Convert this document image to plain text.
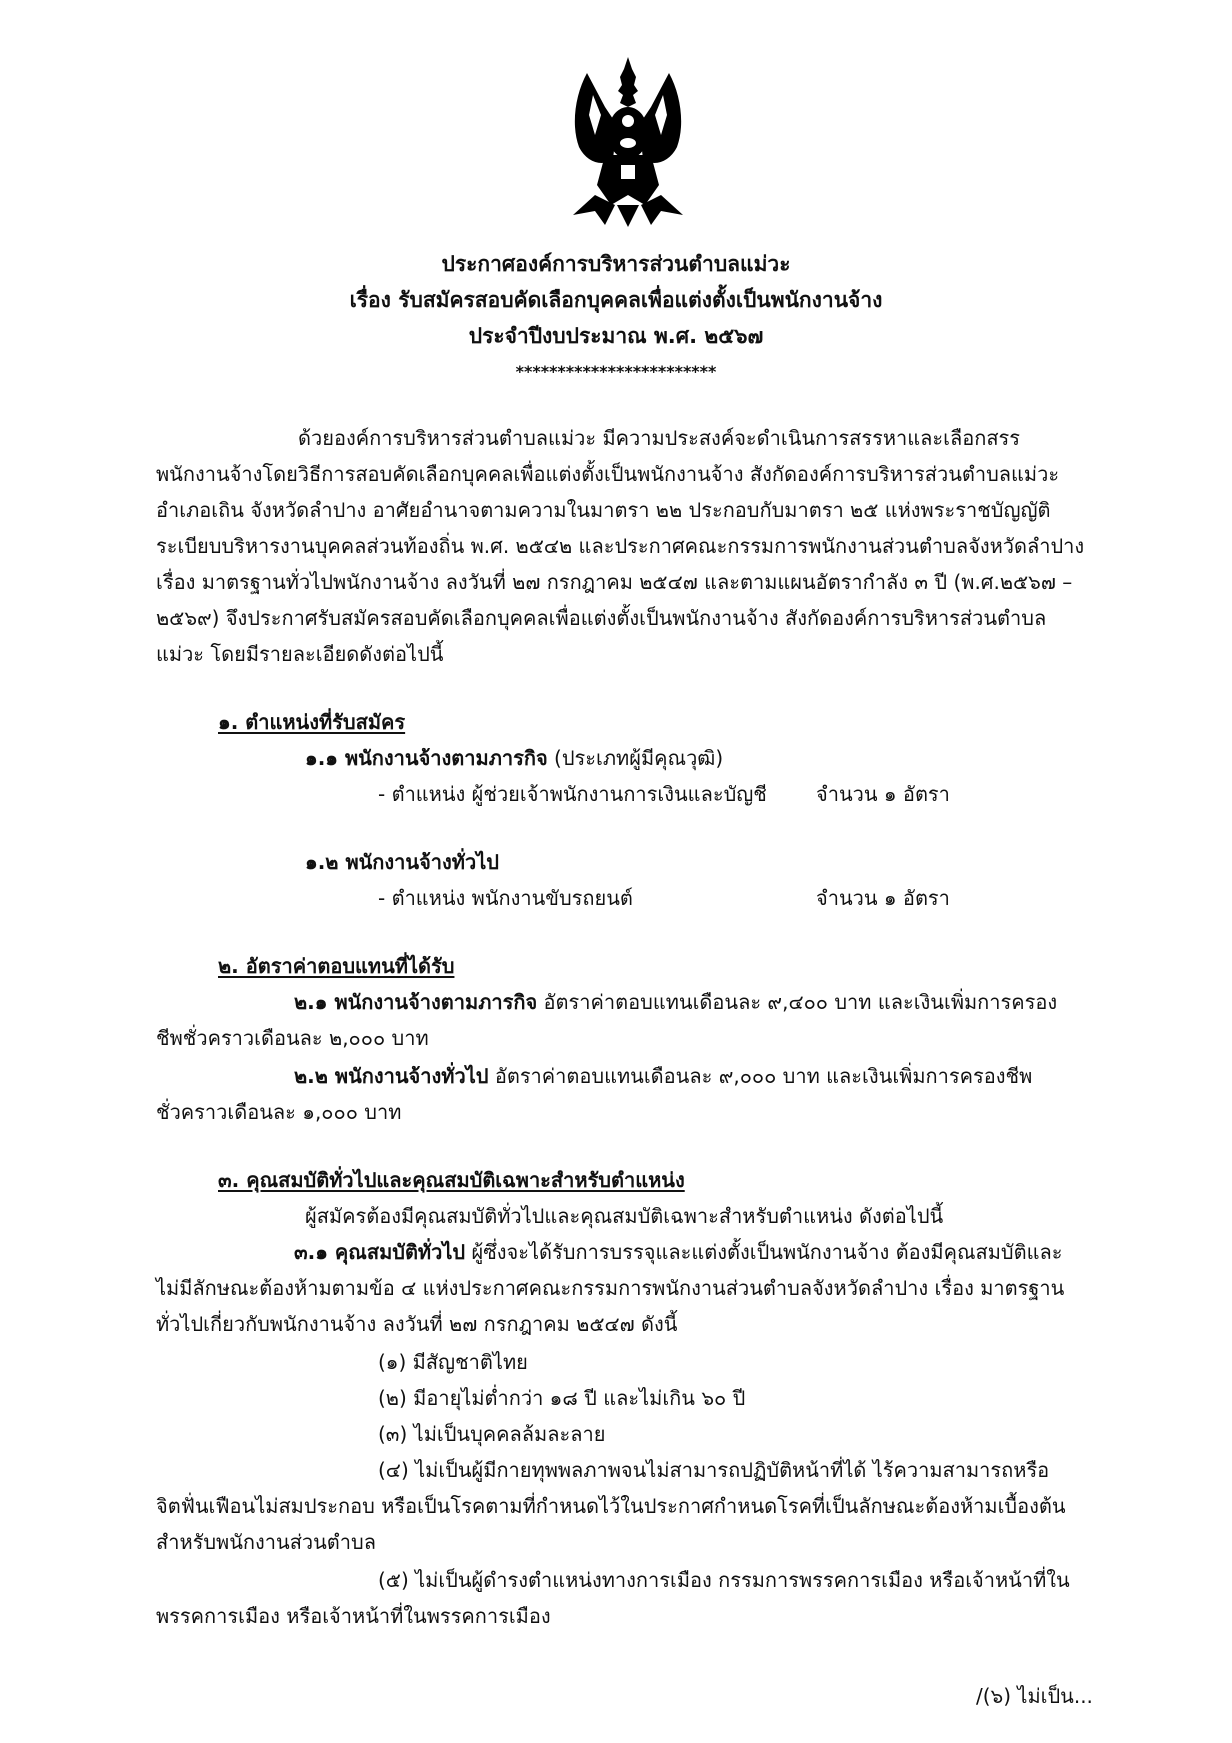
ประกาศองค์การบริหารส่วนตำบลแม่วะ
เรื่อง รับสมัครสอบคัดเลือกบุคคลเพื่อแต่งตั้งเป็นพนักงานจ้าง
ประจำปีงบประมาณ พ.ศ. ๒๕๖๗
************************
ด้วยองค์การบริหารส่วนตำบลแม่วะ มีความประสงค์จะดำเนินการสรรหาและเลือกสรร
พนักงานจ้างโดยวิธีการสอบคัดเลือกบุคคลเพื่อแต่งตั้งเป็นพนักงานจ้าง สังกัดองค์การบริหารส่วนตำบลแม่วะ
อำเภอเถิน จังหวัดลำปาง อาศัยอำนาจตามความในมาตรา ๒๒ ประกอบกับมาตรา ๒๕ แห่งพระราชบัญญัติ
ระเบียบบริหารงานบุคคลส่วนท้องถิ่น พ.ศ. ๒๕๔๒ และประกาศคณะกรรมการพนักงานส่วนตำบลจังหวัดลำปาง
เรื่อง มาตรฐานทั่วไปพนักงานจ้าง ลงวันที่ ๒๗ กรกฎาคม ๒๕๔๗ และตามแผนอัตรากำลัง ๓ ปี (พ.ศ.๒๕๖๗ –
๒๕๖๙) จึงประกาศรับสมัครสอบคัดเลือกบุคคลเพื่อแต่งตั้งเป็นพนักงานจ้าง สังกัดองค์การบริหารส่วนตำบล
แม่วะ โดยมีรายละเอียดดังต่อไปนี้
๑. ตำแหน่งที่รับสมัคร
๑.๑ พนักงานจ้างตามภารกิจ (ประเภทผู้มีคุณวุฒิ)
- ตำแหน่ง ผู้ช่วยเจ้าพนักงานการเงินและบัญชี จำนวน ๑ อัตรา
๑.๒ พนักงานจ้างทั่วไป
- ตำแหน่ง พนักงานขับรถยนต์	จำนวน ๑ อัตรา
๒. อัตราค่าตอบแทนที่ได้รับ
๒.๑ พนักงานจ้างตามภารกิจ อัตราค่าตอบแทนเดือนละ ๙,๔๐๐ บาท และเงินเพิ่มการครอง
ชีพชั่วคราวเดือนละ ๒,๐๐๐ บาท
๒.๒ พนักงานจ้างทั่วไป อัตราค่าตอบแทนเดือนละ ๙,๐๐๐ บาท และเงินเพิ่มการครองชีพ
ชั่วคราวเดือนละ ๑,๐๐๐ บาท
๓. คุณสมบัติทั่วไปและคุณสมบัติเฉพาะสำหรับตำแหน่ง
ผู้สมัครต้องมีคุณสมบัติทั่วไปและคุณสมบัติเฉพาะสำหรับตำแหน่ง ดังต่อไปนี้
๓.๑ คุณสมบัติทั่วไป ผู้ซึ่งจะได้รับการบรรจุและแต่งตั้งเป็นพนักงานจ้าง ต้องมีคุณสมบัติและ
ไม่มีลักษณะต้องห้ามตามข้อ ๔ แห่งประกาศคณะกรรมการพนักงานส่วนตำบลจังหวัดลำปาง เรื่อง มาตรฐาน
ทั่วไปเกี่ยวกับพนักงานจ้าง ลงวันที่ ๒๗ กรกฎาคม ๒๕๔๗ ดังนี้
(๑) มีสัญชาติไทย
(๒) มีอายุไม่ต่ำกว่า ๑๘ ปี และไม่เกิน ๖๐ ปี
(๓) ไม่เป็นบุคคลล้มละลาย
(๔) ไม่เป็นผู้มีกายทุพพลภาพจนไม่สามารถปฏิบัติหน้าที่ได้ ไร้ความสามารถหรือ
จิตฟั่นเฟือนไม่สมประกอบ หรือเป็นโรคตามที่กำหนดไว้ในประกาศกำหนดโรคที่เป็นลักษณะต้องห้ามเบื้องต้น
สำหรับพนักงานส่วนตำบล
(๕) ไม่เป็นผู้ดำรงตำแหน่งทางการเมือง กรรมการพรรคการเมือง หรือเจ้าหน้าที่ใน
พรรคการเมือง หรือเจ้าหน้าที่ในพรรคการเมือง
/(๖) ไม่เป็น...
